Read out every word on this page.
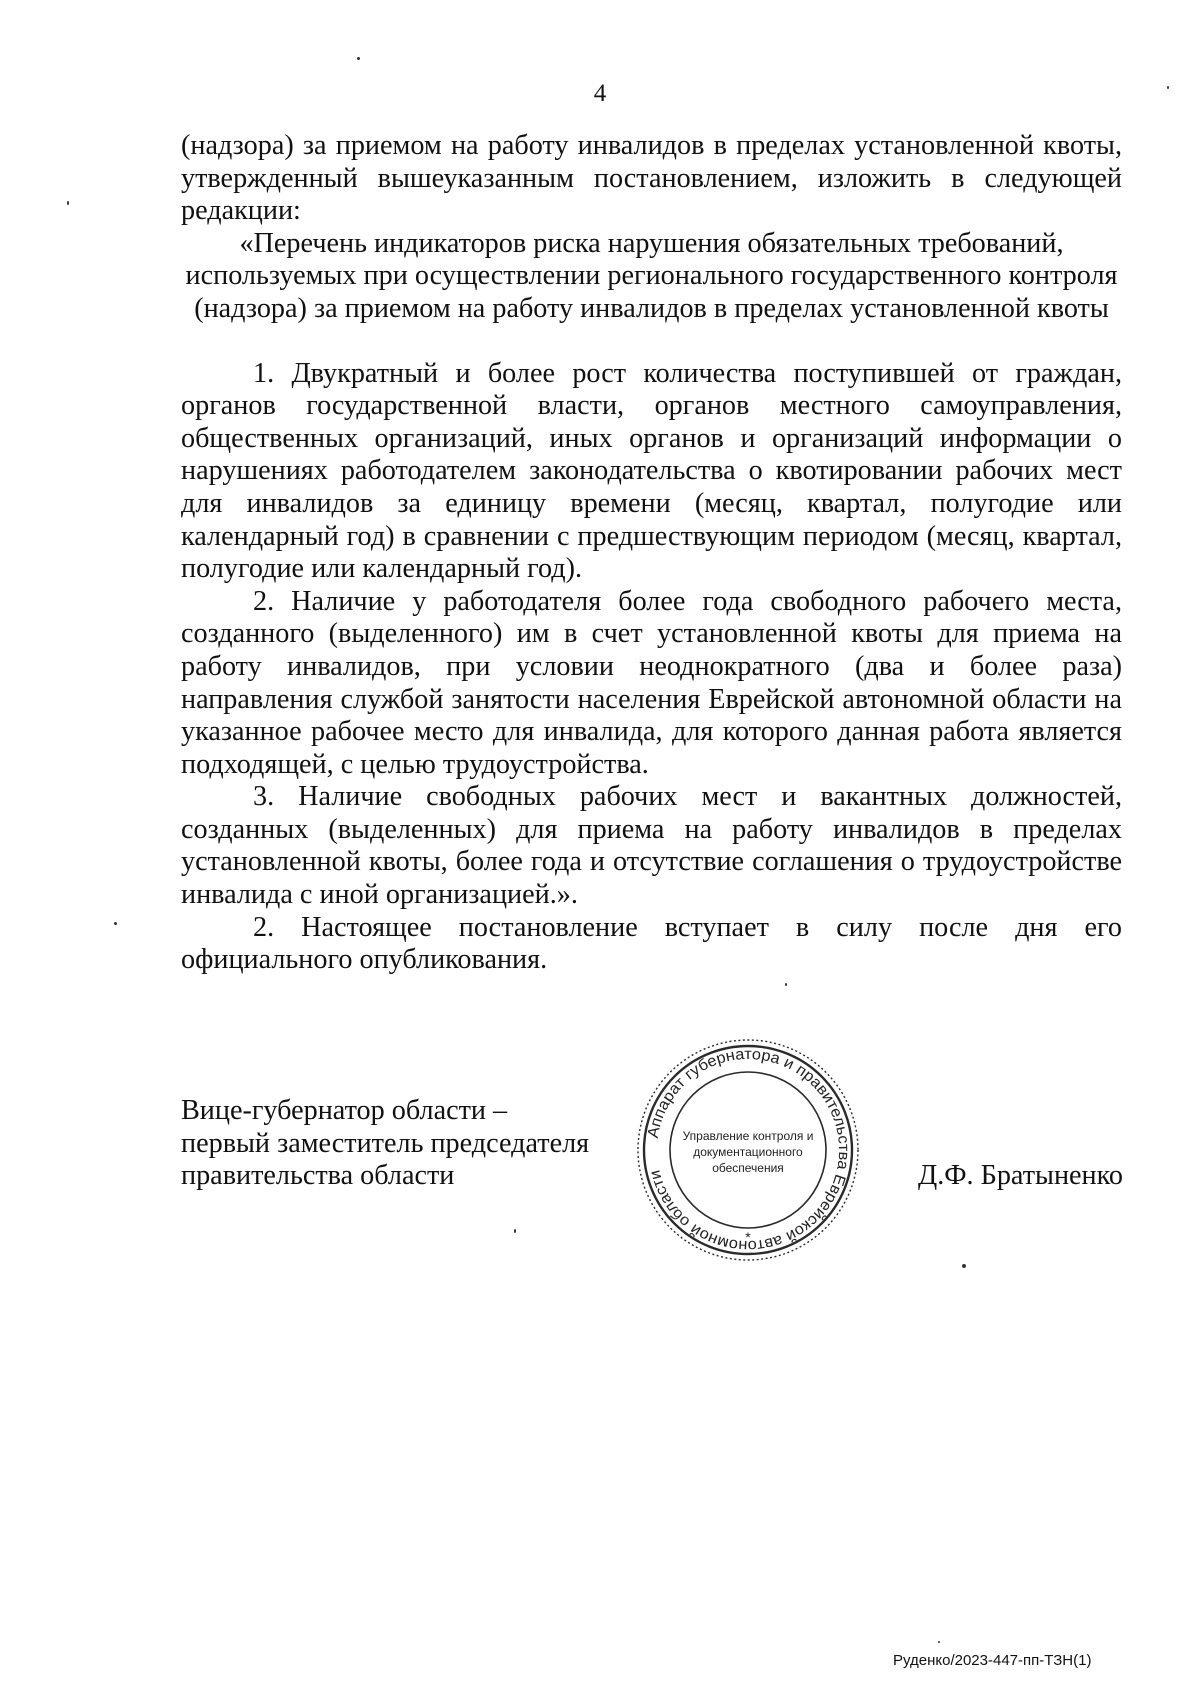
4

(надзора) за приемом на работу инвалидов в пределах установленной квоты, утвержденный вышеуказанным постановлением, изложить в следующей редакции:

«Перечень индикаторов риска нарушения обязательных требований, используемых при осуществлении регионального государственного контроля (надзора) за приемом на работу инвалидов в пределах установленной квоты

1. Двукратный и более рост количества поступившей от граждан, органов государственной власти, органов местного самоуправления, общественных организаций, иных органов и организаций информации о нарушениях работодателем законодательства о квотировании рабочих мест для инвалидов за единицу времени (месяц, квартал, полугодие или календарный год) в сравнении с предшествующим периодом (месяц, квартал, полугодие или календарный год).

2. Наличие у работодателя более года свободного рабочего места, созданного (выделенного) им в счет установленной квоты для приема на работу инвалидов, при условии неоднократного (два и более раза) направления службой занятости населения Еврейской автономной области на указанное рабочее место для инвалида, для которого данная работа является подходящей, с целью трудоустройства.

3. Наличие свободных рабочих мест и вакантных должностей, созданных (выделенных) для приема на работу инвалидов в пределах установленной квоты, более года и отсутствие соглашения о трудоустройстве инвалида с иной организацией.».

2. Настоящее постановление вступает в силу после дня его официального опубликования.

Вице-губернатор области –
первый заместитель председателя
правительства области
Аппарат губернатора и правительства Еврейской автономной области
Управление контроля и
документационного
обеспечения
*
Д.Ф. Братыненко
Руденко/2023-447-пп-ТЗН(1)
